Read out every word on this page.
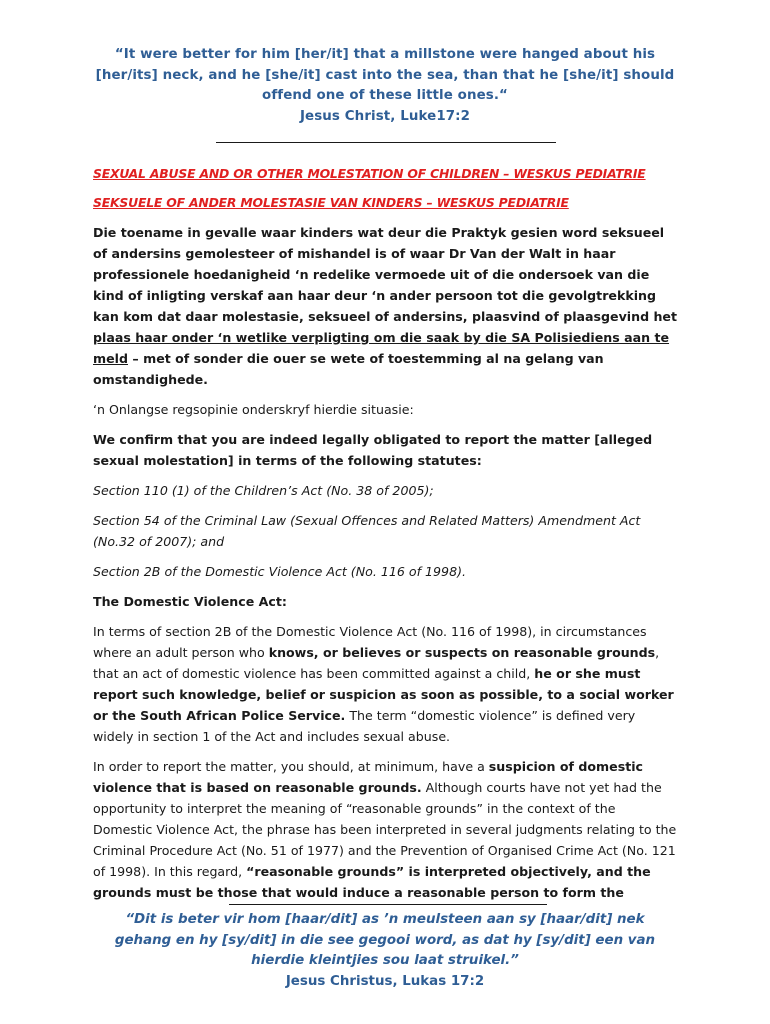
“It were better for him [her/it] that a millstone were hanged about his [her/its] neck, and he [she/it] cast into the sea, than that he [she/it] should offend one of these little ones.“
Jesus Christ, Luke17:2

SEXUAL ABUSE AND OR OTHER MOLESTATION OF CHILDREN – WESKUS PEDIATRIE

SEKSUELE OF ANDER MOLESTASIE VAN KINDERS – WESKUS PEDIATRIE

Die toename in gevalle waar kinders wat deur die Praktyk gesien word seksueel of andersins gemolesteer of mishandel is of waar Dr Van der Walt in haar professionele hoedanigheid ‘n redelike vermoede uit of die ondersoek van die kind of inligting verskaf aan haar deur ‘n ander persoon tot die gevolgtrekking kan kom dat daar molestasie, seksueel of andersins, plaasvind of plaasgevind het plaas haar onder ‘n wetlike verpligting om die saak by die SA Polisiediens aan te meld – met of sonder die ouer se wete of toestemming al na gelang van omstandighede.

‘n Onlangse regsopinie onderskryf hierdie situasie:

We confirm that you are indeed legally obligated to report the matter [alleged sexual molestation] in terms of the following statutes:

Section 110 (1) of the Children’s Act (No. 38 of 2005);

Section 54 of the Criminal Law (Sexual Offences and Related Matters) Amendment Act (No.32 of 2007); and

Section 2B of the Domestic Violence Act (No. 116 of 1998).

The Domestic Violence Act:

In terms of section 2B of the Domestic Violence Act (No. 116 of 1998), in circumstances where an adult person who knows, or believes or suspects on reasonable grounds, that an act of domestic violence has been committed against a child, he or she must report such knowledge, belief or suspicion as soon as possible, to a social worker or the South African Police Service. The term “domestic violence” is defined very widely in section 1 of the Act and includes sexual abuse.

In order to report the matter, you should, at minimum, have a suspicion of domestic violence that is based on reasonable grounds. Although courts have not yet had the opportunity to interpret the meaning of “reasonable grounds” in the context of the Domestic Violence Act, the phrase has been interpreted in several judgments relating to the Criminal Procedure Act (No. 51 of 1977) and the Prevention of Organised Crime Act (No. 121 of 1998). In this regard, “reasonable grounds” is interpreted objectively, and the grounds must be those that would induce a reasonable person to form the

“Dit is beter vir hom [haar/dit] as ’n meulsteen aan sy [haar/dit] nek gehang en hy [sy/dit] in die see gegooi word, as dat hy [sy/dit] een van hierdie kleintjies sou laat struikel.”
Jesus Christus, Lukas 17:2
